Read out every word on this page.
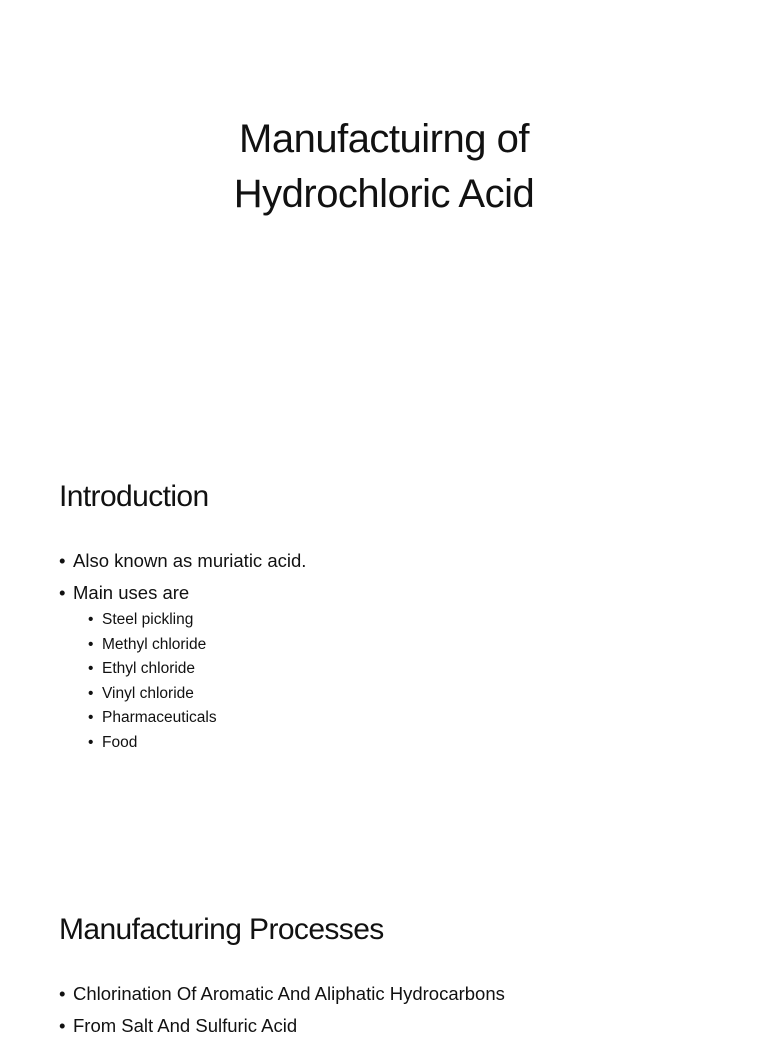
Manufactuirng of
Hydrochloric Acid
Introduction
• Also known as muriatic acid.
• Main uses are
• Steel pickling
• Methyl chloride
• Ethyl chloride
• Vinyl chloride
• Pharmaceuticals
• Food
Manufacturing Processes
• Chlorination Of Aromatic And Aliphatic Hydrocarbons
• From Salt And Sulfuric Acid
